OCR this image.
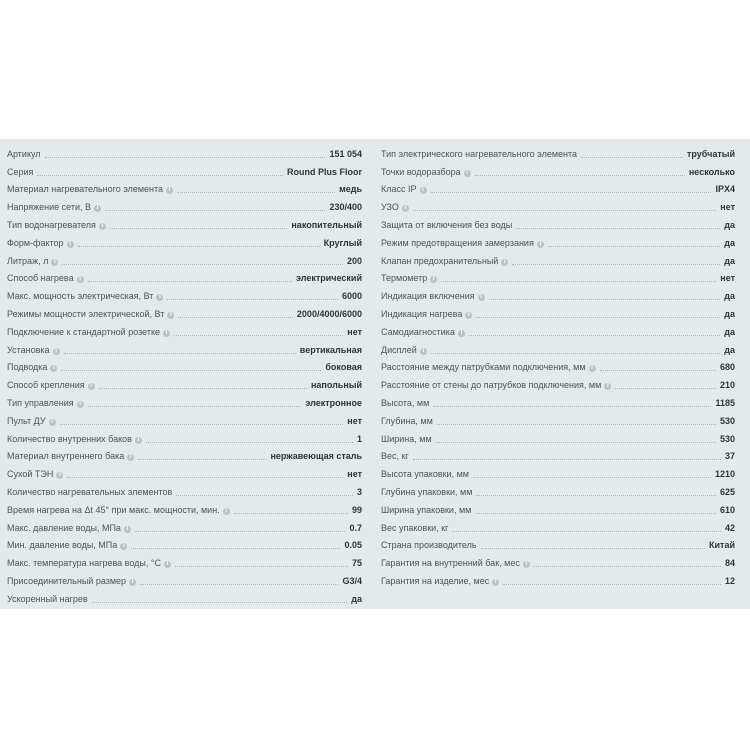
Артикул	151 054
Серия	Round Plus Floor
Материал нагревательного элемента i	медь
Напряжение сети, В i	230/400
Тип водонагревателя i	накопительный
Форм-фактор i	Круглый
Литраж, л i	200
Способ нагрева i	электрический
Макс. мощность электрическая, Вт i	6000
Режимы мощности электрической, Вт i	2000/4000/6000
Подключение к стандартной розетке i	нет
Установка i	вертикальная
Подводка i	боковая
Способ крепления i	напольный
Тип управления i	электронное
Пульт ДУ i	нет
Количество внутренних баков i	1
Материал внутреннего бака i	нержавеющая сталь
Сухой ТЭН i	нет
Количество нагревательных элементов	3
Время нагрева на Δt 45° при макс. мощности, мин. i	99
Макс. давление воды, МПа i	0.7
Мин. давление воды, МПа i	0.05
Макс. температура нагрева воды, °С i	75
Присоединительный размер i	G3/4
Ускоренный нагрев	да
Тип электрического нагревательного элемента	трубчатый
Точки водоразбора i	несколько
Класс IP i	IPX4
УЗО i	нет
Защита от включения без воды	да
Режим предотвращения замерзания i	да
Клапан предохранительный i	да
Термометр i	нет
Индикация включения i	да
Индикация нагрева i	да
Самодиагностика i	да
Дисплей i	да
Расстояние между патрубками подключения, мм i	680
Расстояние от стены до патрубков подключения, мм i	210
Высота, мм	1185
Глубина, мм	530
Ширина, мм	530
Вес, кг	37
Высота упаковки, мм	1210
Глубина упаковки, мм	625
Ширина упаковки, мм	610
Вес упаковки, кг	42
Страна производитель	Китай
Гарантия на внутренний бак, мес i	84
Гарантия на изделие, мес i	12
